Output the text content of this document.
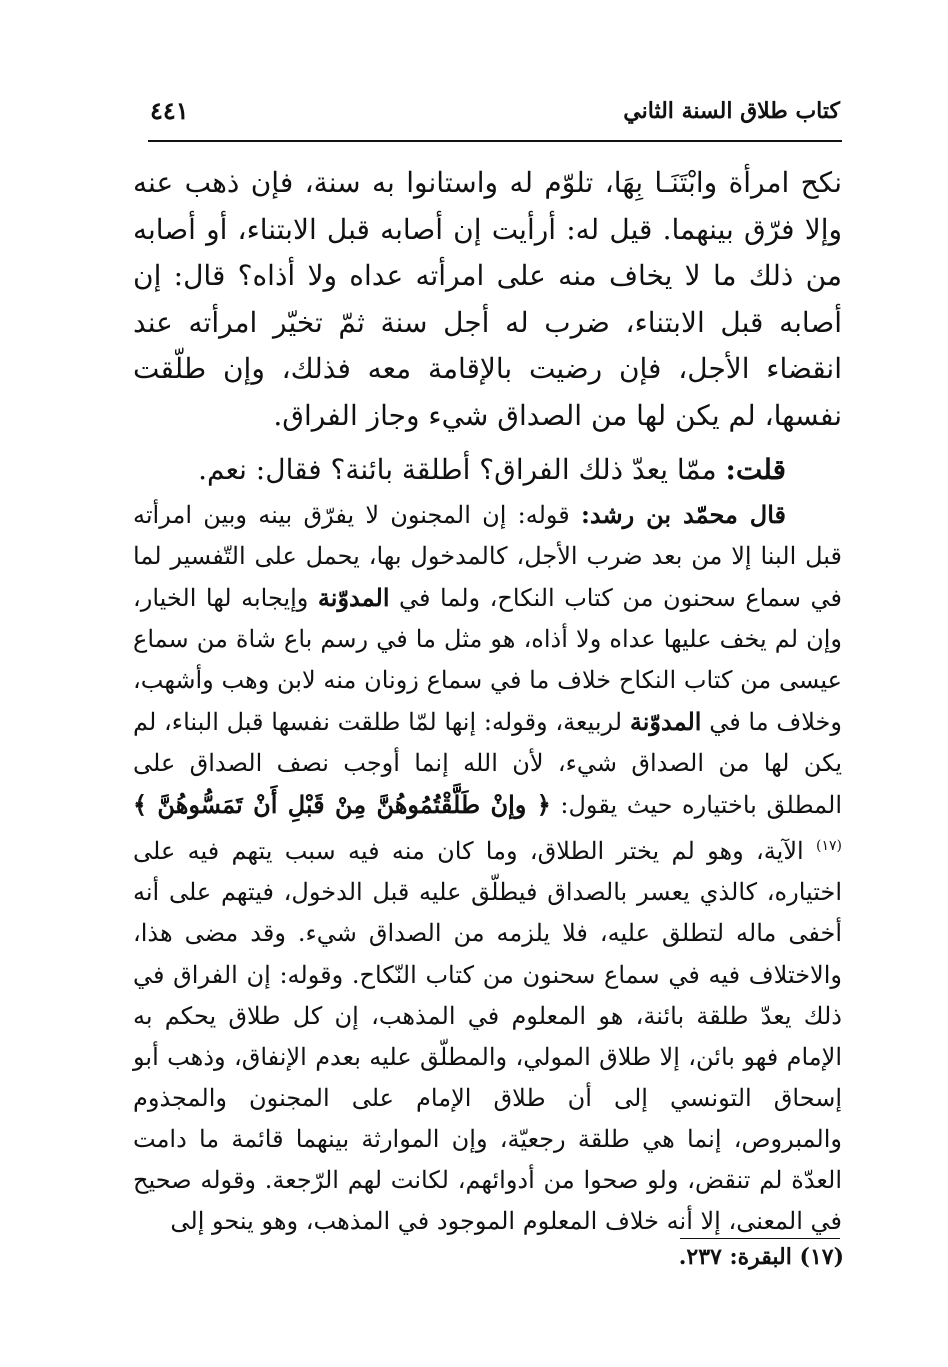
كتاب طلاق السنة الثاني
٤٤١

نكح امرأة وابْتَنَـا بِهَا، تلوّم له واستانوا به سنة، فإن ذهب عنه وإلا فرّق بينهما. قيل له: أرأيت إن أصابه قبل الابتناء، أو أصابه من ذلك ما لا يخاف منه على امرأته عداه ولا أذاه؟ قال: إن أصابه قبل الابتناء، ضرب له أجل سنة ثمّ تخيّر امرأته عند انقضاء الأجل، فإن رضيت بالإقامة معه فذلك، وإن طلّقت نفسها، لم يكن لها من الصداق شيء وجاز الفراق.

قلت: ممّا يعدّ ذلك الفراق؟ أطلقة بائنة؟ فقال: نعم.

قال محمّد بن رشد: قوله: إن المجنون لا يفرّق بينه وبين امرأته قبل البنا إلا من بعد ضرب الأجل، كالمدخول بها، يحمل على التّفسير لما في سماع سحنون من كتاب النكاح، ولما في المدوّنة وإيجابه لها الخيار، وإن لم يخف عليها عداه ولا أذاه، هو مثل ما في رسم باع شاة من سماع عيسى من كتاب النكاح خلاف ما في سماع زونان منه لابن وهب وأشهب، وخلاف ما في المدوّنة لربيعة، وقوله: إنها لمّا طلقت نفسها قبل البناء، لم يكن لها من الصداق شيء، لأن الله إنما أوجب نصف الصداق على المطلق باختياره حيث يقول: ﴿ وإنْ طَلَّقْتُمُوهُنَّ مِنْ قَبْلِ أَنْ تَمَسُّوهُنَّ ﴾$^{(١٧)}$ الآية، وهو لم يختر الطلاق، وما كان منه فيه سبب يتهم فيه على اختياره، كالذي يعسر بالصداق فيطلّق عليه قبل الدخول، فيتهم على أنه أخفى ماله لتطلق عليه، فلا يلزمه من الصداق شيء. وقد مضى هذا، والاختلاف فيه في سماع سحنون من كتاب النّكاح. وقوله: إن الفراق في ذلك يعدّ طلقة بائنة، هو المعلوم في المذهب، إن كل طلاق يحكم به الإمام فهو بائن، إلا طلاق المولي، والمطلّق عليه بعدم الإنفاق، وذهب أبو إسحاق التونسي إلى أن طلاق الإمام على المجنون والمجذوم والمبروص، إنما هي طلقة رجعيّة، وإن الموارثة بينهما قائمة ما دامت العدّة لم تنقض، ولو صحوا من أدوائهم، لكانت لهم الرّجعة. وقوله صحيح في المعنى، إلا أنه خلاف المعلوم الموجود في المذهب، وهو ينحو إلى

(١٧) البقرة: ٢٣٧.
